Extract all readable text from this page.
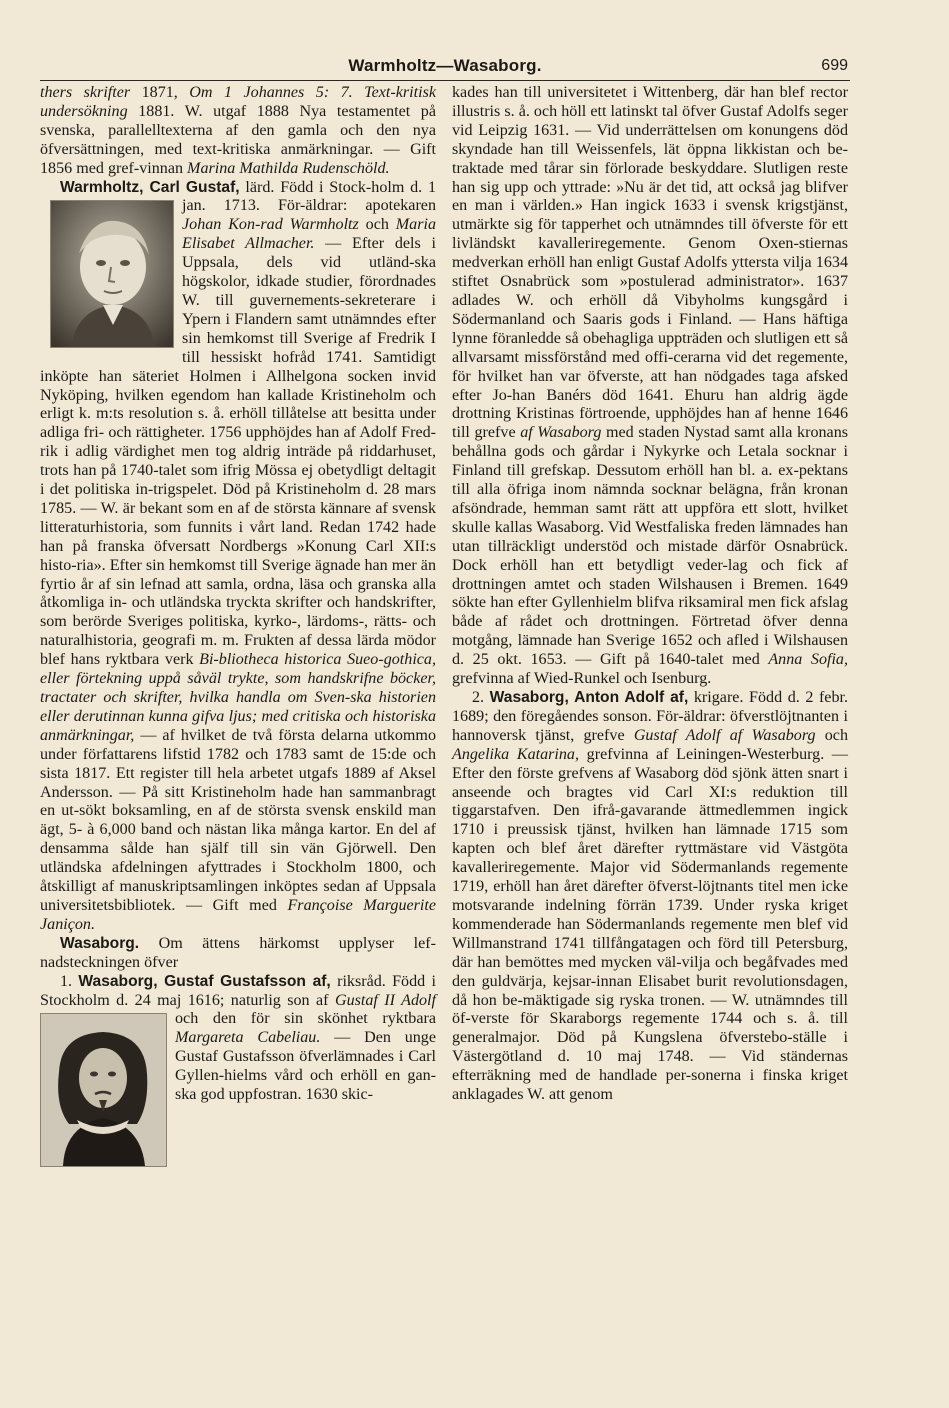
Warmholtz—Wasaborg.	699

thers skrifter 1871, Om 1 Johannes 5: 7. Text-kritisk undersökning 1881. W. utgaf 1888 Nya testamentet på svenska, parallelltexterna af den gamla och den nya öfversättningen, med text-kritiska anmärkningar. — Gift 1856 med gref-vinnan Marina Mathilda Rudenschöld.

Warmholtz, Carl Gustaf, lärd. Född i Stock-holm d. 1 jan. 1713. För-äldrar: apotekaren
Johan Kon-rad Warmholtz och Maria Elisabet Allmacher. — Efter dels i Uppsala, dels vid utländ-ska högskolor, idkade studier, förordnades W. till guvernements-sekreterare i Ypern i Flandern samt utnämndes efter sin hemkomst till Sverige af Fredrik I till hessiskt hofråd 1741. Samtidigt inköpte han säteriet Holmen i Allhelgona socken invid Nyköping, hvilken egendom han kallade Kristineholm och erligt k. m:ts resolution s. å. erhöll tillåtelse att besitta under adliga fri- och rättigheter. 1756 upphöjdes han af Adolf Fred-rik i adlig värdighet men tog aldrig inträde på riddarhuset, trots han på 1740-talet som ifrig Mössa ej obetydligt deltagit i det politiska in-trigspelet. Död på Kristineholm d. 28 mars 1785. — W. är bekant som en af de största kännare af svensk litteraturhistoria, som funnits i vårt land. Redan 1742 hade han på franska öfversatt Nordbergs »Konung Carl XII:s histo-ria». Efter sin hemkomst till Sverige ägnade han mer än fyrtio år af sin lefnad att samla, ordna, läsa och granska alla åtkomliga in- och utländska tryckta skrifter och handskrifter, som berörde Sveriges politiska, kyrko-, lärdoms-, rätts- och naturalhistoria, geografi m. m. Frukten af dessa lärda mödor blef hans ryktbara verk Bi-bliotheca historica Sueo-gothica, eller förtekning uppå såväl trykte, som handskrifne böcker, tractater och skrifter, hvilka handla om Sven-ska historien eller derutinnan kunna gifva ljus; med critiska och historiska anmärkningar, — af hvilket de två första delarna utkommo under författarens lifstid 1782 och 1783 samt de 15:de och sista 1817. Ett register till hela arbetet utgafs 1889 af Aksel Andersson. — På sitt Kristineholm hade han sammanbragt en ut-sökt boksamling, en af de största svensk enskild man ägt, 5- à 6,000 band och nästan lika många kartor. En del af densamma sålde han själf till sin vän Gjörwell. Den utländska afdelningen afyttrades i Stockholm 1800, och åtskilligt af manuskriptsamlingen inköptes sedan af Uppsala universitetsbibliotek. — Gift med Françoise Marguerite Janiçon.

Wasaborg. Om ättens härkomst upplyser lef-nadsteckningen öfver

1. Wasaborg, Gustaf Gustafsson af, riksråd. Född i Stockholm d. 24 maj 1616; naturlig son af
Gustaf II Adolf och den för sin skönhet ryktbara Margareta Cabeliau. — Den unge Gustaf Gustafsson öfverlämnades i Carl Gyllen-hielms vård och erhöll en gan-ska god uppfostran. 1630 skic-

kades han till universitetet i Wittenberg, där han blef rector illustris s. å. och höll ett latinskt tal öfver Gustaf Adolfs seger vid Leipzig 1631. — Vid underrättelsen om konungens död skyndade han till Weissenfels, lät öppna likkistan och be-traktade med tårar sin förlorade beskyddare. Slutligen reste han sig upp och yttrade: »Nu är det tid, att också jag blifver en man i världen.» Han ingick 1633 i svensk krigstjänst, utmärkte sig för tapperhet och utnämndes till öfverste för ett livländskt kavalleriregemente. Genom Oxen-stiernas medverkan erhöll han enligt Gustaf Adolfs yttersta vilja 1634 stiftet Osnabrück som »postulerad administrator». 1637 adlades W. och erhöll då Vibyholms kungsgård i Södermanland och Saaris gods i Finland. — Hans häftiga lynne föranledde så obehagliga uppträden och slutligen ett så allvarsamt missförstånd med offi-cerarna vid det regemente, för hvilket han var öfverste, att han nödgades taga afsked efter Jo-han Banérs död 1641. Ehuru han aldrig ägde drottning Kristinas förtroende, upphöjdes han af henne 1646 till grefve af Wasaborg med staden Nystad samt alla kronans behållna gods och gårdar i Nykyrke och Letala socknar i Finland till grefskap. Dessutom erhöll han bl. a. ex-pektans till alla öfriga inom nämnda socknar belägna, från kronan afsöndrade, hemman samt rätt att uppföra ett slott, hvilket skulle kallas Wasaborg. Vid Westfaliska freden lämnades han utan tillräckligt understöd och mistade därför Osnabrück. Dock erhöll han ett betydligt veder-lag och fick af drottningen amtet och staden Wilshausen i Bremen. 1649 sökte han efter Gyllenhielm blifva riksamiral men fick afslag både af rådet och drottningen. Förtretad öfver denna motgång, lämnade han Sverige 1652 och afled i Wilshausen d. 25 okt. 1653. — Gift på 1640-talet med Anna Sofia, grefvinna af Wied-Runkel och Isenburg.

2. Wasaborg, Anton Adolf af, krigare. Född d. 2 febr. 1689; den föregåendes sonson. För-äldrar: öfverstlöjtnanten i hannoversk tjänst, grefve Gustaf Adolf af Wasaborg och Angelika Katarina, grefvinna af Leiningen-Westerburg. — Efter den förste grefvens af Wasaborg död sjönk ätten snart i anseende och bragtes vid Carl XI:s reduktion till tiggarstafven. Den ifrå-gavarande ättmedlemmen ingick 1710 i preussisk tjänst, hvilken han lämnade 1715 som kapten och blef året därefter ryttmästare vid Västgöta kavalleriregemente. Major vid Södermanlands regemente 1719, erhöll han året därefter öfverst-löjtnants titel men icke motsvarande indelning förrän 1739. Under ryska kriget kommenderade han Södermanlands regemente men blef vid Willmanstrand 1741 tillfångatagen och förd till Petersburg, där han bemöttes med mycken väl-vilja och begåfvades med den guldvärja, kejsar-innan Elisabet burit revolutionsdagen, då hon be-mäktigade sig ryska tronen. — W. utnämndes till öf-verste för Skaraborgs regemente 1744 och s. å. till generalmajor. Död på Kungslena öfverstebo-ställe i Västergötland d. 10 maj 1748. — Vid ständernas efterräkning med de handlade per-sonerna i finska kriget anklagades W. att genom
